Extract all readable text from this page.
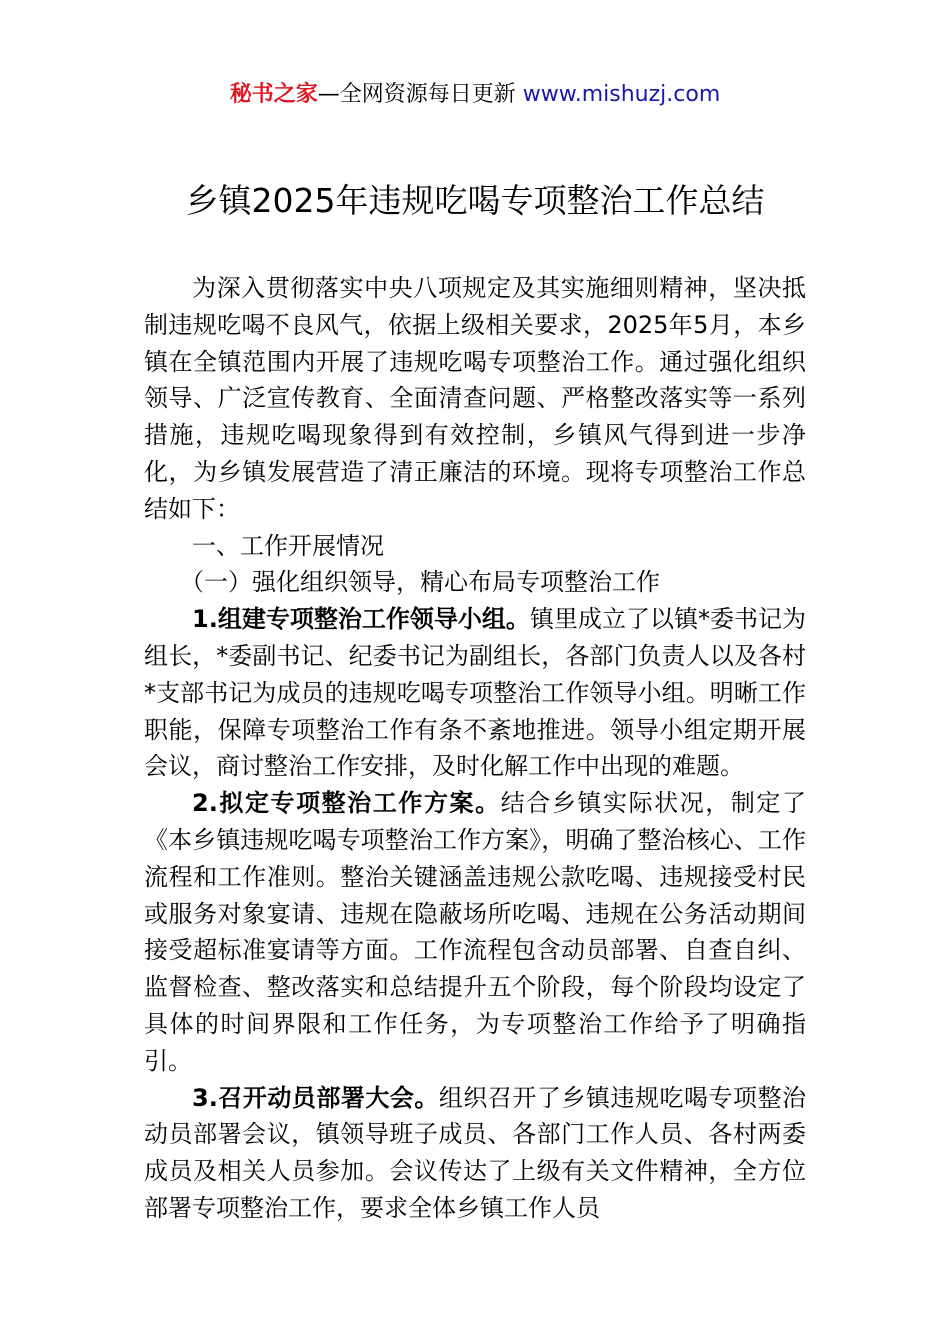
秘书之家—全网资源每日更新 www.mishuzj.com
乡镇2025年违规吃喝专项整治工作总结

为深入贯彻落实中央八项规定及其实施细则精神，坚决抵制违规吃喝不良风气，依据上级相关要求，2025年5月，本乡镇在全镇范围内开展了违规吃喝专项整治工作。通过强化组织领导、广泛宣传教育、全面清查问题、严格整改落实等一系列措施，违规吃喝现象得到有效控制，乡镇风气得到进一步净化，为乡镇发展营造了清正廉洁的环境。现将专项整治工作总结如下：

一、工作开展情况

（一）强化组织领导，精心布局专项整治工作

1.组建专项整治工作领导小组。镇里成立了以镇*委书记为组长，*委副书记、纪委书记为副组长，各部门负责人以及各村*支部书记为成员的违规吃喝专项整治工作领导小组。明晰工作职能，保障专项整治工作有条不紊地推进。领导小组定期开展会议，商讨整治工作安排，及时化解工作中出现的难题。

2.拟定专项整治工作方案。结合乡镇实际状况，制定了《本乡镇违规吃喝专项整治工作方案》，明确了整治核心、工作流程和工作准则。整治关键涵盖违规公款吃喝、违规接受村民或服务对象宴请、违规在隐蔽场所吃喝、违规在公务活动期间接受超标准宴请等方面。工作流程包含动员部署、自查自纠、监督检查、整改落实和总结提升五个阶段，每个阶段均设定了具体的时间界限和工作任务，为专项整治工作给予了明确指引。

3.召开动员部署大会。组织召开了乡镇违规吃喝专项整治动员部署会议，镇领导班子成员、各部门工作人员、各村两委成员及相关人员参加。会议传达了上级有关文件精神，全方位部署专项整治工作，要求全体乡镇工作人员
